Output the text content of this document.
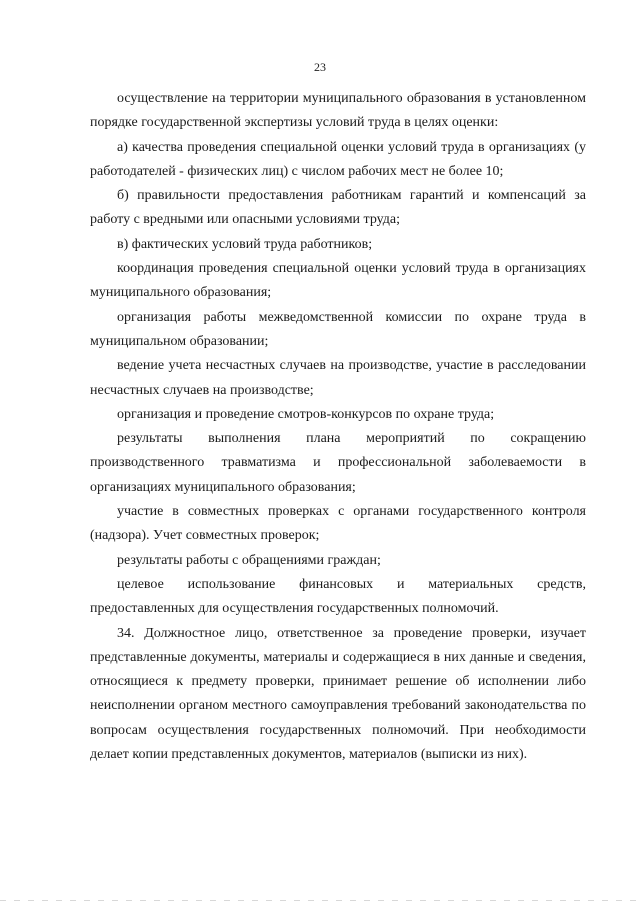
23

осуществление на территории муниципального образования в установленном порядке государственной экспертизы условий труда в целях оценки:

а) качества проведения специальной оценки условий труда в организациях (у работодателей - физических лиц) с числом рабочих мест не более 10;

б) правильности предоставления работникам гарантий и компенсаций за работу с вредными или опасными условиями труда;

в) фактических условий труда работников;

координация проведения специальной оценки условий труда в организациях муниципального образования;

организация работы межведомственной комиссии по охране труда в муниципальном образовании;

ведение учета несчастных случаев на производстве, участие в расследовании несчастных случаев на производстве;

организация и проведение смотров-конкурсов по охране труда;

результаты выполнения плана мероприятий по сокращению производственного травматизма и профессиональной заболеваемости в организациях муниципального образования;

участие в совместных проверках с органами государственного контроля (надзора). Учет совместных проверок;

результаты работы с обращениями граждан;

целевое использование финансовых и материальных средств, предоставленных для осуществления государственных полномочий.

34. Должностное лицо, ответственное за проведение проверки, изучает представленные документы, материалы и содержащиеся в них данные и сведения, относящиеся к предмету проверки, принимает решение об исполнении либо неисполнении органом местного самоуправления требований законодательства по вопросам осуществления государственных полномочий. При необходимости делает копии представленных документов, материалов (выписки из них).
